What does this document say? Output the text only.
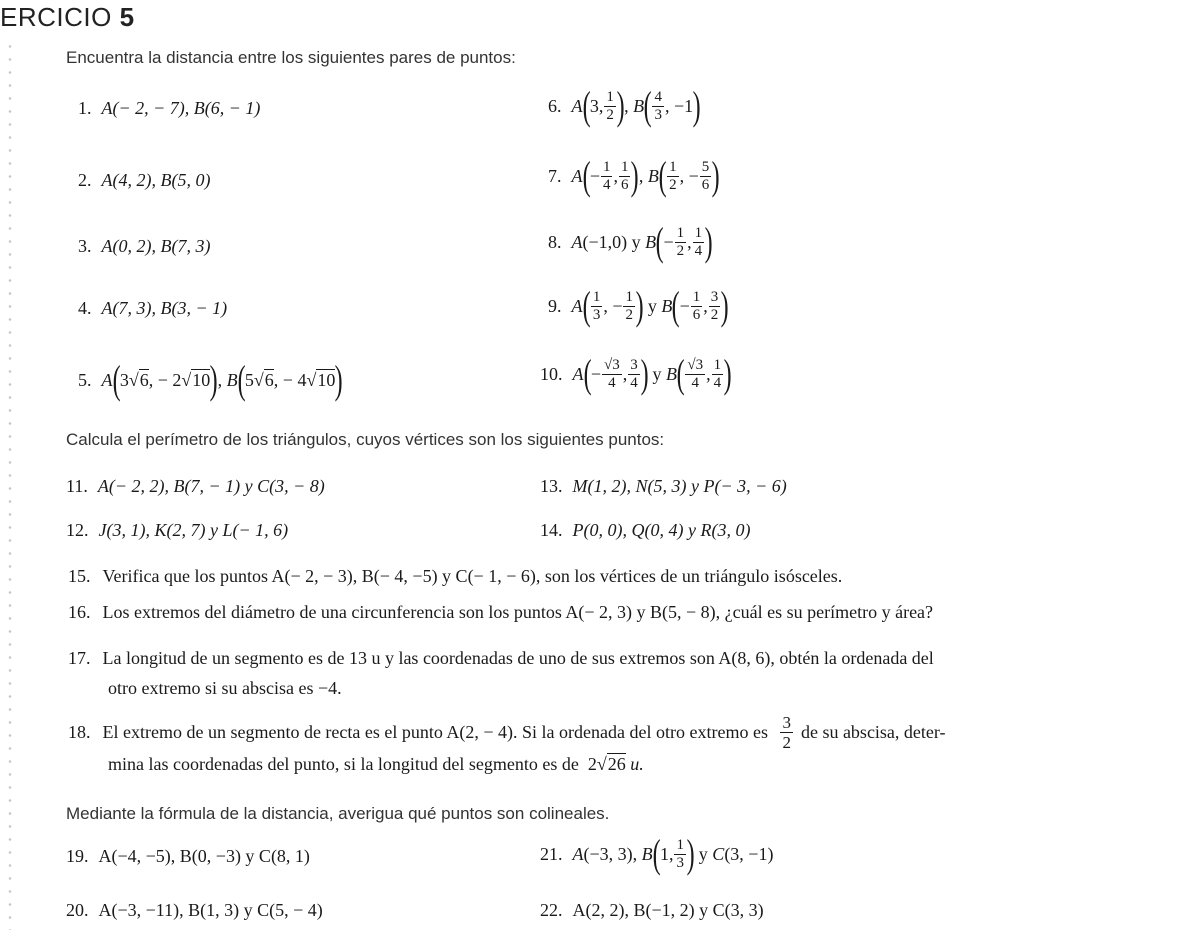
ERCICIO 5
Encuentra la distancia entre los siguientes pares de puntos:
1. A(− 2, − 7), B(6, − 1)
2. A(4, 2), B(5, 0)
3. A(0, 2), B(7, 3)
4. A(7, 3), B(3, − 1)
5. A ( 3√ 6 , − 2√ 10 ) , B ( 5√ 6 , − 4√ 10 )
6. A ( 3, $\frac{1}{2}$ ) , B ( $\frac{4}{3}$ , −1 )
7. A ( − $\frac{1}{4}$ , $\frac{1}{6}$ ) , B ( $\frac{1}{2}$ , − $\frac{5}{6}$ )
8. A (−1,0) y B ( − $\frac{1}{2}$ , $\frac{1}{4}$ )
9. A ( $\frac{1}{3}$ , − $\frac{1}{2}$ ) y B ( − $\frac{1}{6}$ , $\frac{3}{2}$ )
10. A ( − $\frac{√3}{4}$ , $\frac{3}{4}$ ) y B ( $\frac{√3}{4}$ , $\frac{1}{4}$ )
Calcula el perímetro de los triángulos, cuyos vértices son los siguientes puntos:
11. A(− 2, 2), B(7, − 1) y C(3, − 8)	13. M(1, 2), N(5, 3) y P(− 3, − 6)
12. J(3, 1), K(2, 7) y L(− 1, 6)	14. P(0, 0), Q(0, 4) y R(3, 0)
15. Verifica que los puntos A(− 2, − 3), B(− 4, −5) y C(− 1, − 6), son los vértices de un triángulo isósceles.
16. Los extremos del diámetro de una circunferencia son los puntos A(− 2, 3) y B(5, − 8), ¿cuál es su perímetro y área?
17. La longitud de un segmento es de 13 u y las coordenadas de uno de sus extremos son A(8, 6), obtén la ordenada del
otro extremo si su abscisa es −4.
18. El extremo de un segmento de recta es el punto A(2, − 4). Si la ordenada del otro extremo es
$\frac{3}{2}$ de su abscisa, deter-
mina las coordenadas del punto, si la longitud del segmento es de  2√26 u.
Mediante la fórmula de la distancia, averigua qué puntos son colineales.
19. A(−4, −5), B(0, −3) y C(8, 1)	21. A (−3, 3), B ( 1, $\frac{1}{3}$ ) y C (3, −1)
20. A(−3, −11), B(1, 3) y C(5, − 4)	22. A(2, 2), B(−1, 2) y C(3, 3)
